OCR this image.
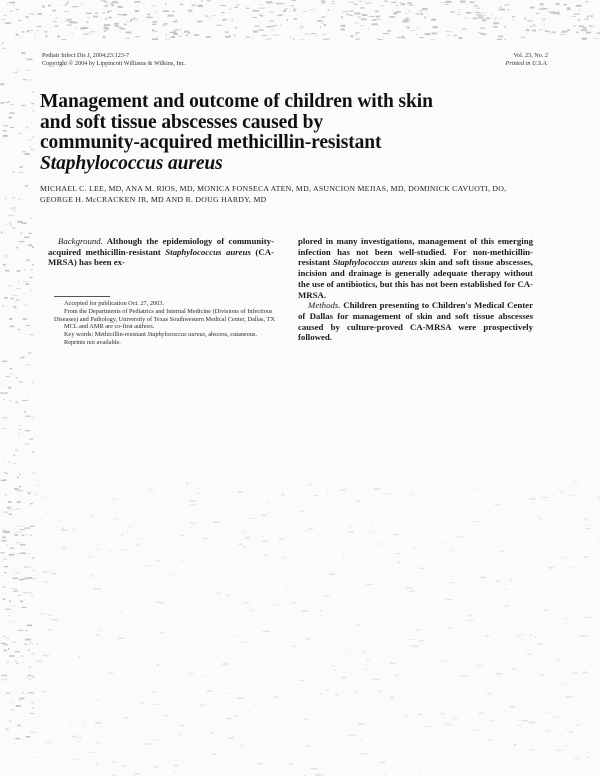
Pediatr Infect Dis J, 2004;23:123-7
Copyright © 2004 by Lippincott Williams & Wilkins, Inc.
Vol. 23, No. 2
Printed in U.S.A.
Management and outcome of children with skin
and soft tissue abscesses caused by
community-acquired methicillin-resistant
Staphylococcus aureus
MICHAEL C. LEE, MD, ANA M. RIOS, MD, MONICA FONSECA ATEN, MD, ASUNCION MEJIAS, MD, DOMINICK CAVUOTI, DO, GEORGE H. McCRACKEN JR, MD AND R. DOUG HARDY, MD

Background. Although the epidemiology of community-acquired methicillin-resistant Staphylococcus aureus (CA-MRSA) has been ex-

Accepted for publication Oct. 27, 2003.

From the Departments of Pediatrics and Internal Medicine (Divisions of Infectious Diseases) and Pathology, University of Texas Southwestern Medical Center, Dallas, TX

MCL and AMR are co-first authors.

Key words: Methicillin-resistant Staphylococcus aureus, abscess, cutaneous.

Reprints not available.

plored in many investigations, management of this emerging infection has not been well-studied. For non-methicillin-resistant Staphylococcus aureus skin and soft tissue abscesses, incision and drainage is generally adequate therapy without the use of antibiotics, but this has not been established for CA-MRSA.

Methods. Children presenting to Children's Medical Center of Dallas for management of skin and soft tissue abscesses caused by culture-proved CA-MRSA were prospectively followed.
